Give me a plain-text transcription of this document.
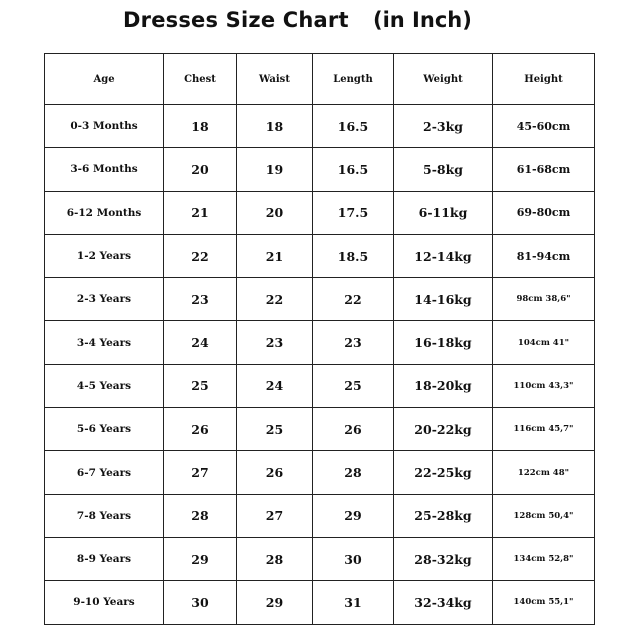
Dresses Size Chart (in Inch)
Age	Chest	Waist	Length	Weight	Height
0-3 Months	18	18	16.5	2-3kg	45-60cm
3-6 Months	20	19	16.5	5-8kg	61-68cm
6-12 Months	21	20	17.5	6-11kg	69-80cm
1-2 Years	22	21	18.5	12-14kg	81-94cm
2-3 Years	23	22	22	14-16kg	98cm 38,6"
3-4 Years	24	23	23	16-18kg	104cm 41"
4-5 Years	25	24	25	18-20kg	110cm 43,3"
5-6 Years	26	25	26	20-22kg	116cm 45,7"
6-7 Years	27	26	28	22-25kg	122cm 48"
7-8 Years	28	27	29	25-28kg	128cm 50,4"
8-9 Years	29	28	30	28-32kg	134cm 52,8"
9-10 Years	30	29	31	32-34kg	140cm 55,1"
